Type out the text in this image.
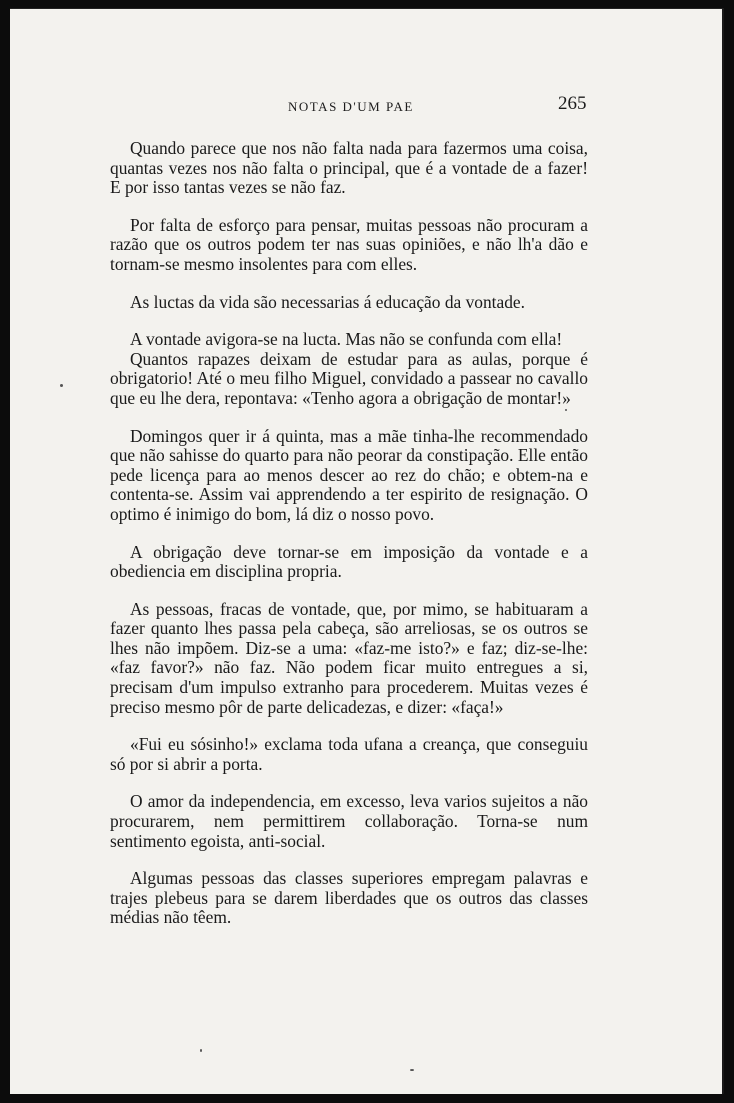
NOTAS D'UM PAE	265

Quando parece que nos não falta nada para fazermos uma coisa, quantas vezes nos não falta o principal, que é a vontade de a fazer! E por isso tantas vezes se não faz.

Por falta de esforço para pensar, muitas pessoas não procuram a razão que os outros podem ter nas suas opiniões, e não lh'a dão e tornam-se mesmo insolentes para com elles.

As luctas da vida são necessarias á educação da vontade.

A vontade avigora-se na lucta. Mas não se confunda com ella!

Quantos rapazes deixam de estudar para as aulas, porque é obrigatorio! Até o meu filho Miguel, convidado a passear no cavallo que eu lhe dera, repontava: «Tenho agora a obrigação de montar!»

Domingos quer ir á quinta, mas a mãe tinha-lhe recommendado que não sahisse do quarto para não peorar da constipação. Elle então pede licença para ao menos descer ao rez do chão; e obtem-na e contenta-se. Assim vai apprendendo a ter espirito de resignação. O optimo é inimigo do bom, lá diz o nosso povo.

A obrigação deve tornar-se em imposição da vontade e a obediencia em disciplina propria.

As pessoas, fracas de vontade, que, por mimo, se habituaram a fazer quanto lhes passa pela cabeça, são arreliosas, se os outros se lhes não impõem. Diz-se a uma: «faz-me isto?» e faz; diz-se-lhe: «faz favor?» não faz. Não podem ficar muito entregues a si, precisam d'um impulso extranho para procederem. Muitas vezes é preciso mesmo pôr de parte delicadezas, e dizer: «faça!»

«Fui eu sósinho!» exclama toda ufana a creança, que conseguiu só por si abrir a porta.

O amor da independencia, em excesso, leva varios sujeitos a não procurarem, nem permittirem collaboração. Torna-se num sentimento egoista, anti-social.

Algumas pessoas das classes superiores empregam palavras e trajes plebeus para se darem liberdades que os outros das classes médias não têem.
